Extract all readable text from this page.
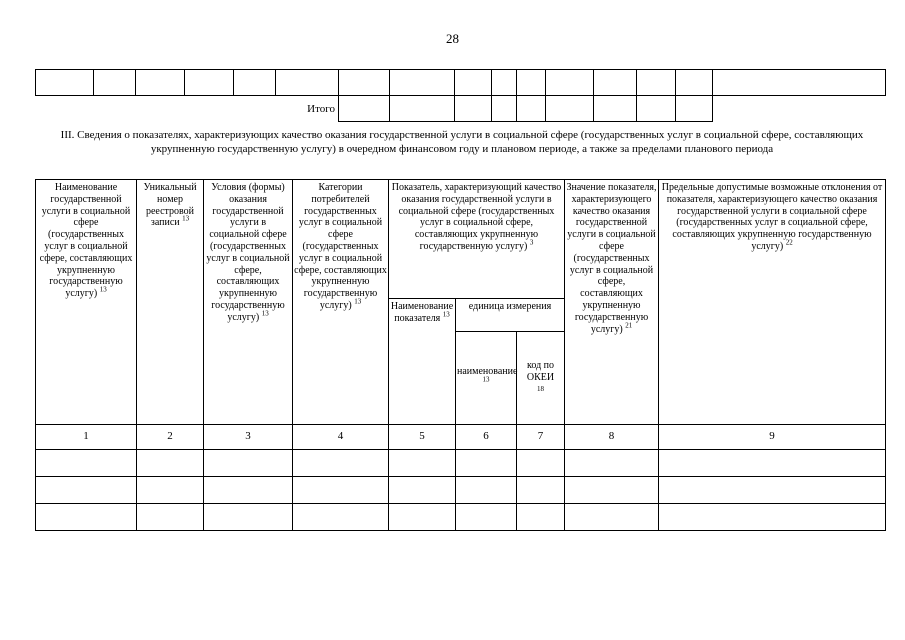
28

Итого															
III. Сведения о показателях, характеризующих качество оказания государственной услуги в социальной сфере (государственных услуг в социальной сфере, составляющих укрупненную государственную услугу) в очередном финансовом году и плановом периоде, а также за пределами планового периода
Наименование государственной услуги в социальной сфере (государственных услуг в социальной сфере, составляющих укрупненную государственную услугу) $^{13}$	Уникальный номер реестровой записи $^{13}$	Условия (формы) оказания государственной услуги в социальной сфере (государственных услуг в социальной сфере, составляющих укрупненную государственную услугу) $^{13}$	Категории потребителей государственных услуг в социальной сфере (государственных услуг в социальной сфере, составляющих укрупненную государственную услугу) $^{13}$	Показатель, характеризующий качество оказания государственной услуги в социальной сфере (государственных услуг в социальной сфере, составляющих укрупненную государственную услугу) $^3$			Значение показателя, характеризующего качество оказания государственной услуги в социальной сфере (государственных услуг в социальной сфере, составляющих укрупненную государственную услугу) $^{21}$	Предельные допустимые возможные отклонения от показателя, характеризующего качество оказания государственной услуги в социальной сфере (государственных услуг в социальной сфере, составляющих укрупненную государственную услугу) $^{22}$
				Наименование показателя $^{13}$	единица измерения			
					наименование $^{13}$	код по ОКЕИ
18		

1	2	3	4	5	6	7	8	9
